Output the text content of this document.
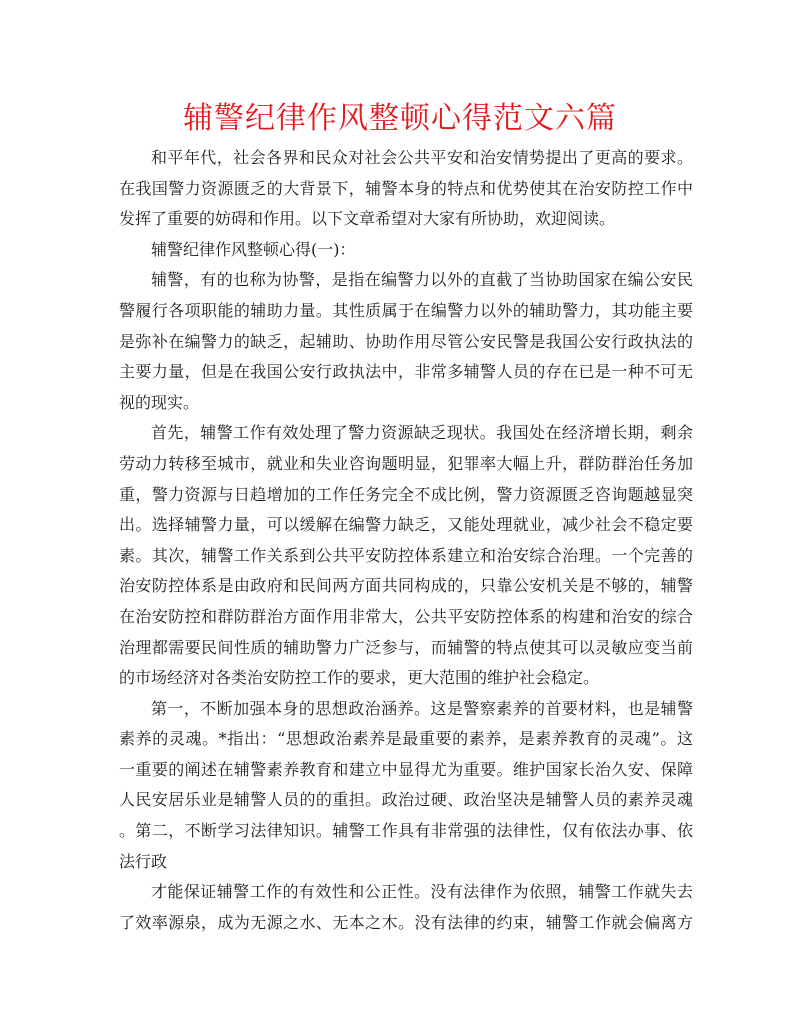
辅警纪律作风整顿心得范文六篇
和平年代，社会各界和民众对社会公共平安和治安情势提出了更高的要求。
在我国警力资源匮乏的大背景下，辅警本身的特点和优势使其在治安防控工作中
发挥了重要的妨碍和作用。以下文章希望对大家有所协助，欢迎阅读。
辅警纪律作风整顿心得(一)：
辅警，有的也称为协警，是指在编警力以外的直截了当协助国家在编公安民
警履行各项职能的辅助力量。其性质属于在编警力以外的辅助警力，其功能主要
是弥补在编警力的缺乏，起辅助、协助作用尽管公安民警是我国公安行政执法的
主要力量，但是在我国公安行政执法中，非常多辅警人员的存在已是一种不可无
视的现实。
首先，辅警工作有效处理了警力资源缺乏现状。我国处在经济增长期，剩余
劳动力转移至城市，就业和失业咨询题明显，犯罪率大幅上升，群防群治任务加
重，警力资源与日趋增加的工作任务完全不成比例，警力资源匮乏咨询题越显突
出。选择辅警力量，可以缓解在编警力缺乏，又能处理就业，减少社会不稳定要
素。其次，辅警工作关系到公共平安防控体系建立和治安综合治理。一个完善的
治安防控体系是由政府和民间两方面共同构成的，只靠公安机关是不够的，辅警
在治安防控和群防群治方面作用非常大，公共平安防控体系的构建和治安的综合
治理都需要民间性质的辅助警力广泛参与，而辅警的特点使其可以灵敏应变当前
的市场经济对各类治安防控工作的要求，更大范围的维护社会稳定。
第一，不断加强本身的思想政治涵养。这是警察素养的首要材料，也是辅警
素养的灵魂。*指出：“思想政治素养是最重要的素养，是素养教育的灵魂”。这
一重要的阐述在辅警素养教育和建立中显得尤为重要。维护国家长治久安、保障
人民安居乐业是辅警人员的的重担。政治过硬、政治坚决是辅警人员的素养灵魂
。第二，不断学习法律知识。辅警工作具有非常强的法律性，仅有依法办事、依
法行政
才能保证辅警工作的有效性和公正性。没有法律作为依照，辅警工作就失去
了效率源泉，成为无源之水、无本之木。没有法律的约束，辅警工作就会偏离方
